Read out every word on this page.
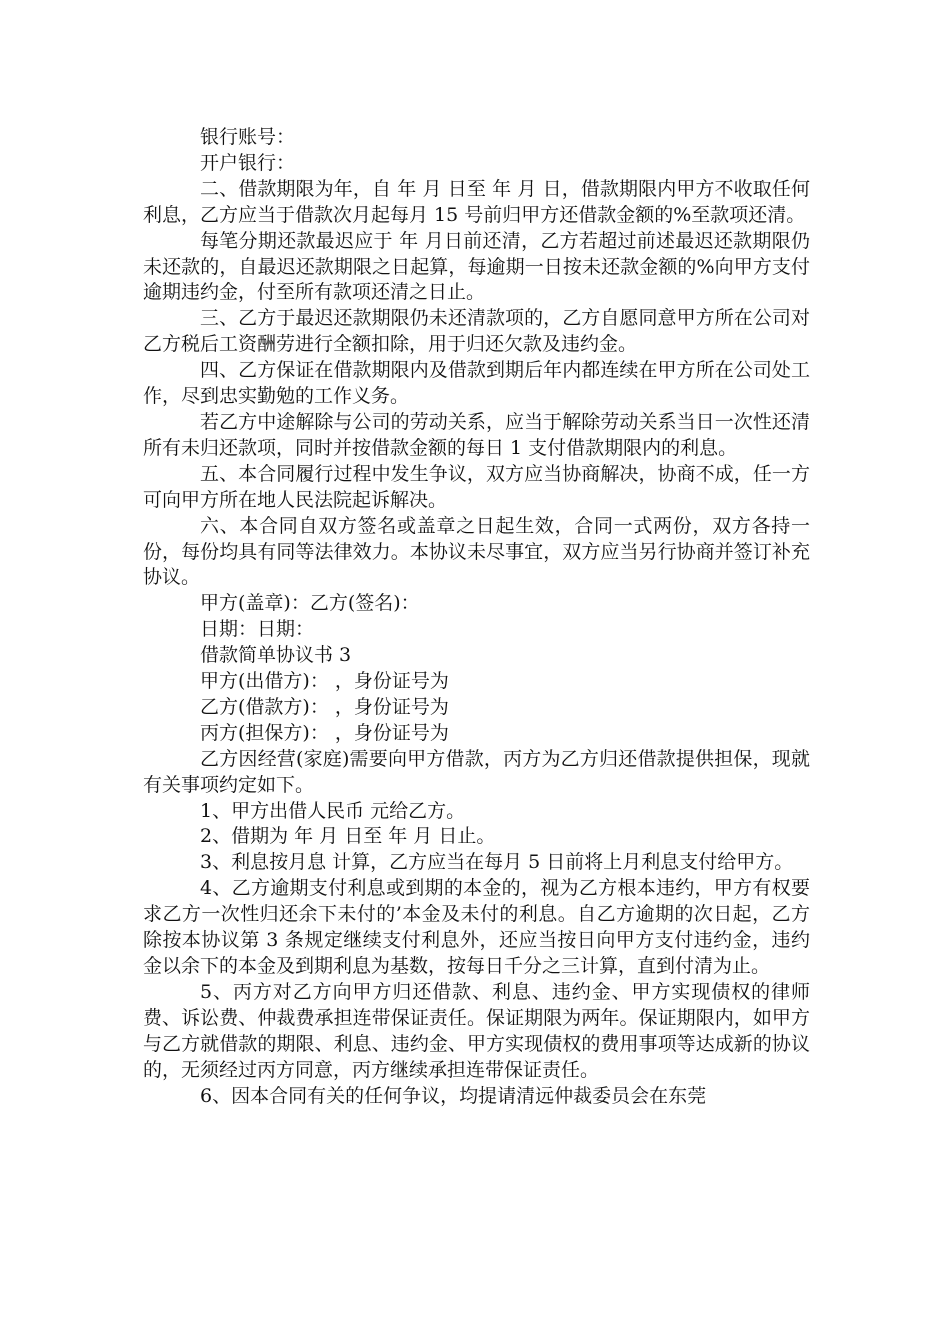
银行账号：

开户银行：

二、借款期限为年，自 年 月 日至 年 月 日，借款期限内甲方不收取任何利息，乙方应当于借款次月起每月 15 号前归甲方还借款金额的%至款项还清。

每笔分期还款最迟应于 年 月日前还清，乙方若超过前述最迟还款期限仍未还款的，自最迟还款期限之日起算，每逾期一日按未还款金额的%向甲方支付逾期违约金，付至所有款项还清之日止。

三、乙方于最迟还款期限仍未还清款项的，乙方自愿同意甲方所在公司对乙方税后工资酬劳进行全额扣除，用于归还欠款及违约金。

四、乙方保证在借款期限内及借款到期后年内都连续在甲方所在公司处工作，尽到忠实勤勉的工作义务。

若乙方中途解除与公司的劳动关系，应当于解除劳动关系当日一次性还清所有未归还款项，同时并按借款金额的每日 1 支付借款期限内的利息。

五、本合同履行过程中发生争议，双方应当协商解决，协商不成，任一方可向甲方所在地人民法院起诉解决。

六、本合同自双方签名或盖章之日起生效，合同一式两份，双方各持一份，每份均具有同等法律效力。本协议未尽事宜，双方应当另行协商并签订补充协议。

甲方(盖章)：乙方(签名)：

日期：日期：

借款简单协议书 3

甲方(出借方)： ，身份证号为

乙方(借款方)： ，身份证号为

丙方(担保方)： ，身份证号为

乙方因经营(家庭)需要向甲方借款，丙方为乙方归还借款提供担保，现就有关事项约定如下。

1、甲方出借人民币 元给乙方。

2、借期为 年 月 日至 年 月 日止。

3、利息按月息 计算，乙方应当在每月 5 日前将上月利息支付给甲方。

4、乙方逾期支付利息或到期的本金的，视为乙方根本违约，甲方有权要求乙方一次性归还余下未付的’本金及未付的利息。自乙方逾期的次日起，乙方除按本协议第 3 条规定继续支付利息外，还应当按日向甲方支付违约金，违约金以余下的本金及到期利息为基数，按每日千分之三计算，直到付清为止。

5、丙方对乙方向甲方归还借款、利息、违约金、甲方实现债权的律师费、诉讼费、仲裁费承担连带保证责任。保证期限为两年。保证期限内，如甲方与乙方就借款的期限、利息、违约金、甲方实现债权的费用事项等达成新的协议的，无须经过丙方同意，丙方继续承担连带保证责任。

6、因本合同有关的任何争议，均提请清远仲裁委员会在东莞
